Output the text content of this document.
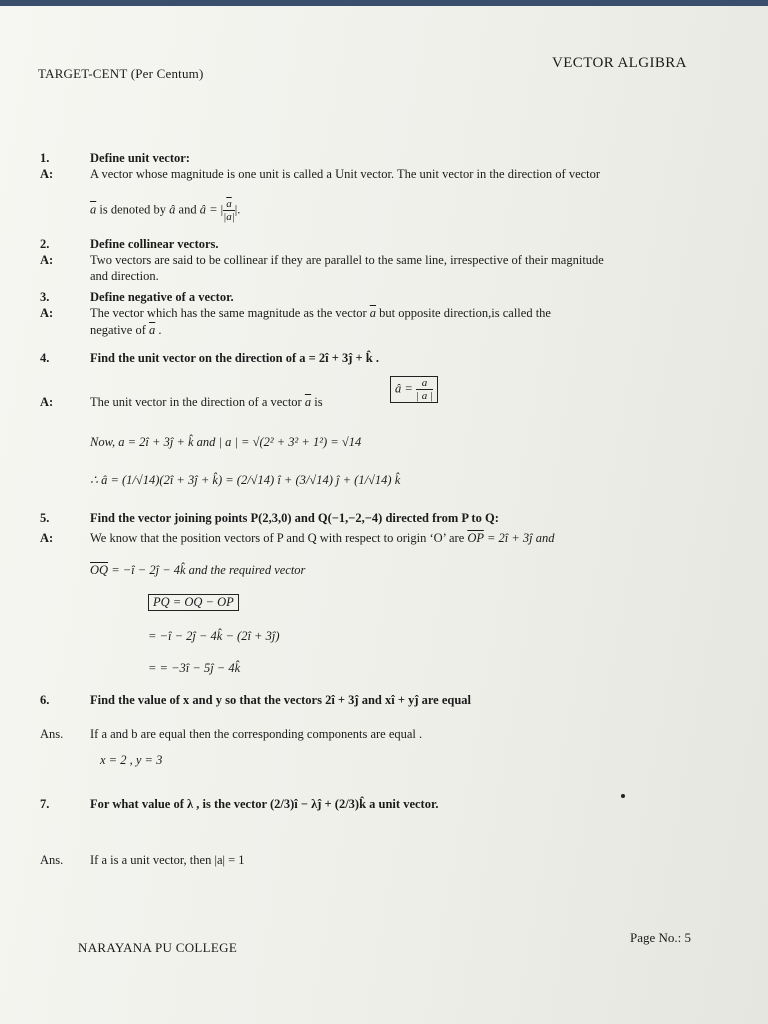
TARGET-CENT (Per Centum)
VECTOR ALGIBRA
1.	Define unit vector:
A:	A vector whose magnitude is one unit is called a Unit vector. The unit vector in the direction of vector
$\overline{a}$ is denoted by â and â = | $\frac{\overline{a}}{|a|}$ |.
2.	Define collinear vectors.
A:	Two vectors are said to be collinear if they are parallel to the same line, irrespective of their magnitude
and direction.
3.	Define negative of a vector.
A:	The vector which has the same magnitude as the vector $\overline{a}$ but opposite direction,is called the
negative of $\overline{a}$ .
4.	Find the unit vector on the direction of a = 2î + 3ĵ + k̂ .
A:	The unit vector in the direction of a vector $\overline{a}$ is
â = $\frac{\overline{a}}{| a |}$
Now, a = 2î + 3ĵ + k̂ and | a | = √(2² + 3² + 1²) = √14
∴ â = (1/√14)(2î + 3ĵ + k̂) = (2/√14) î + (3/√14) ĵ + (1/√14) k̂
5.	Find the vector joining points P(2,3,0) and Q(−1,−2,−4) directed from P to Q:
A:	We know that the position vectors of P and Q with respect to origin ‘O’ are $\overline{OP}$ = 2î + 3ĵ and
$\overline{OQ}$ = −î − 2ĵ − 4k̂ and the required vector
PQ = OQ − OP
= −î − 2ĵ − 4k̂ − (2î + 3ĵ)
= = −3î − 5ĵ − 4k̂
6.	Find the value of x and y so that the vectors 2î + 3ĵ and xî + yĵ are equal
Ans. If a and b are equal then the corresponding components are equal .
x = 2 , y = 3
7.	For what value of λ , is the vector (2/3)î − λĵ + (2/3)k̂ a unit vector.
Ans. If a is a unit vector, then |a| = 1
NARAYANA PU COLLEGE
Page No.: 5
